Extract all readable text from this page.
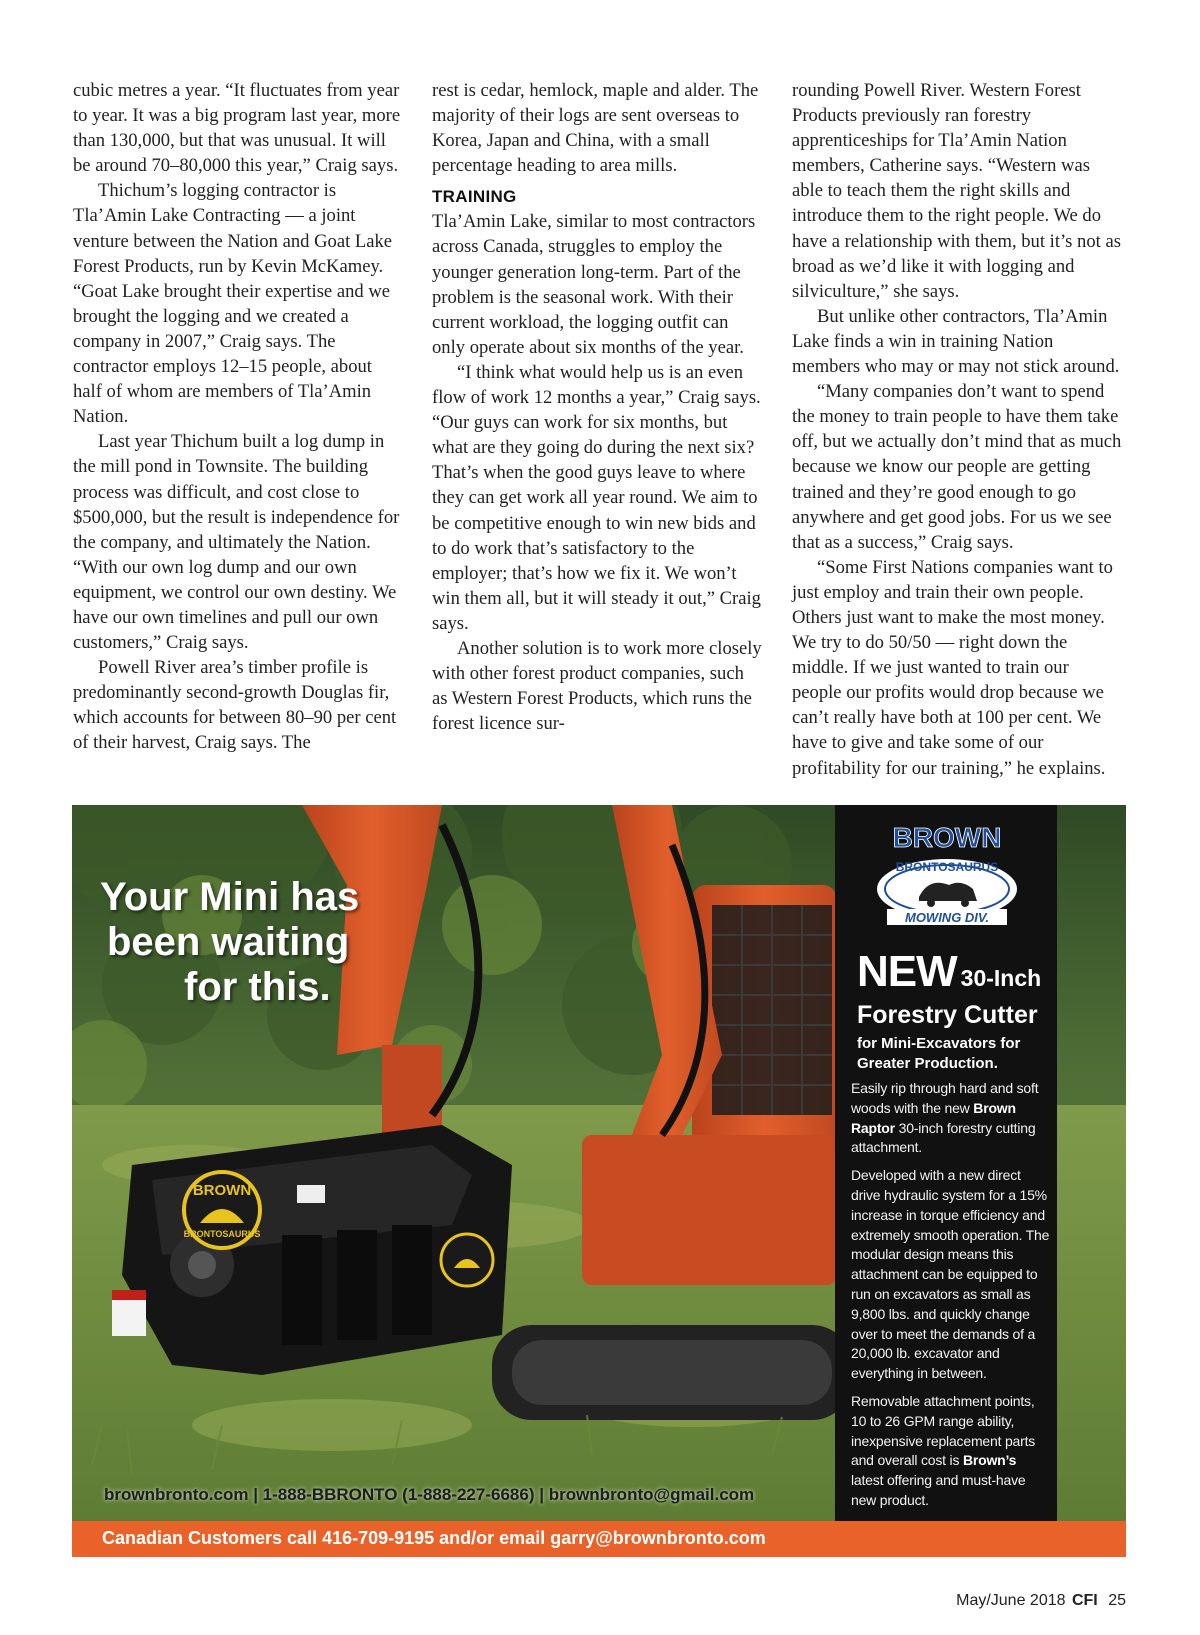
cubic metres a year. “It fluctuates from year to year. It was a big program last year, more than 130,000, but that was unusual. It will be around 70–80,000 this year,” Craig says.

Thichum’s logging contractor is Tla’Amin Lake Contracting — a joint venture between the Nation and Goat Lake Forest Products, run by Kevin McKamey. “Goat Lake brought their expertise and we brought the logging and we created a company in 2007,” Craig says. The contractor employs 12–15 people, about half of whom are members of Tla’Amin Nation.

Last year Thichum built a log dump in the mill pond in Townsite. The building process was difficult, and cost close to $500,000, but the result is independence for the company, and ultimately the Nation. “With our own log dump and our own equipment, we control our own destiny. We have our own timelines and pull our own customers,” Craig says.

Powell River area’s timber profile is predominantly second-growth Douglas fir, which accounts for between 80–90 per cent of their harvest, Craig says. The

rest is cedar, hemlock, maple and alder. The majority of their logs are sent overseas to Korea, Japan and China, with a small percentage heading to area mills.

TRAINING

Tla’Amin Lake, similar to most contractors across Canada, struggles to employ the younger generation long-term. Part of the problem is the seasonal work. With their current workload, the logging outfit can only operate about six months of the year.

“I think what would help us is an even flow of work 12 months a year,” Craig says. “Our guys can work for six months, but what are they going do during the next six? That’s when the good guys leave to where they can get work all year round. We aim to be competitive enough to win new bids and to do work that’s satisfactory to the employer; that’s how we fix it. We won’t win them all, but it will steady it out,” Craig says.

Another solution is to work more closely with other forest product companies, such as Western Forest Products, which runs the forest licence sur-

rounding Powell River. Western Forest Products previously ran forestry apprenticeships for Tla’Amin Nation members, Catherine says. “Western was able to teach them the right skills and introduce them to the right people. We do have a relationship with them, but it’s not as broad as we’d like it with logging and silviculture,” she says.

But unlike other contractors, Tla’Amin Lake finds a win in training Nation members who may or may not stick around.

“Many companies don’t want to spend the money to train people to have them take off, but we actually don’t mind that as much because we know our people are getting trained and they’re good enough to go anywhere and get good jobs. For us we see that as a success,” Craig says.

“Some First Nations companies want to just employ and train their own people. Others just want to make the most money. We try to do 50/50 — right down the middle. If we just wanted to train our people our profits would drop because we can’t really have both at 100 per cent. We have to give and take some of our profitability for our training,” he explains.

BROWN
BRONTOSAURUS
Your Mini has
been waiting
for this.
BROWN
BRONTOSAURUS
MOWING DIV.
NEW 30-Inch
Forestry Cutter
for Mini-Excavators for Greater Production.

Easily rip through hard and soft woods with the new Brown Raptor 30-inch forestry cutting attachment.

Developed with a new direct drive hydraulic system for a 15% increase in torque efficiency and extremely smooth operation. The modular design means this attachment can be equipped to run on excavators as small as 9,800 lbs. and quickly change over to meet the demands of a 20,000 lb. excavator and everything in between.

Removable attachment points, 10 to 26 GPM range ability, inexpensive replacement parts and overall cost is Brown’s latest offering and must-have new product.

brownbronto.com | 1-888-BBRONTO (1-888-227-6686) | brownbronto@gmail.com
Canadian Customers call 416-709-9195 and/or email garry@brownbronto.com
May/June 2018 CFI 25
